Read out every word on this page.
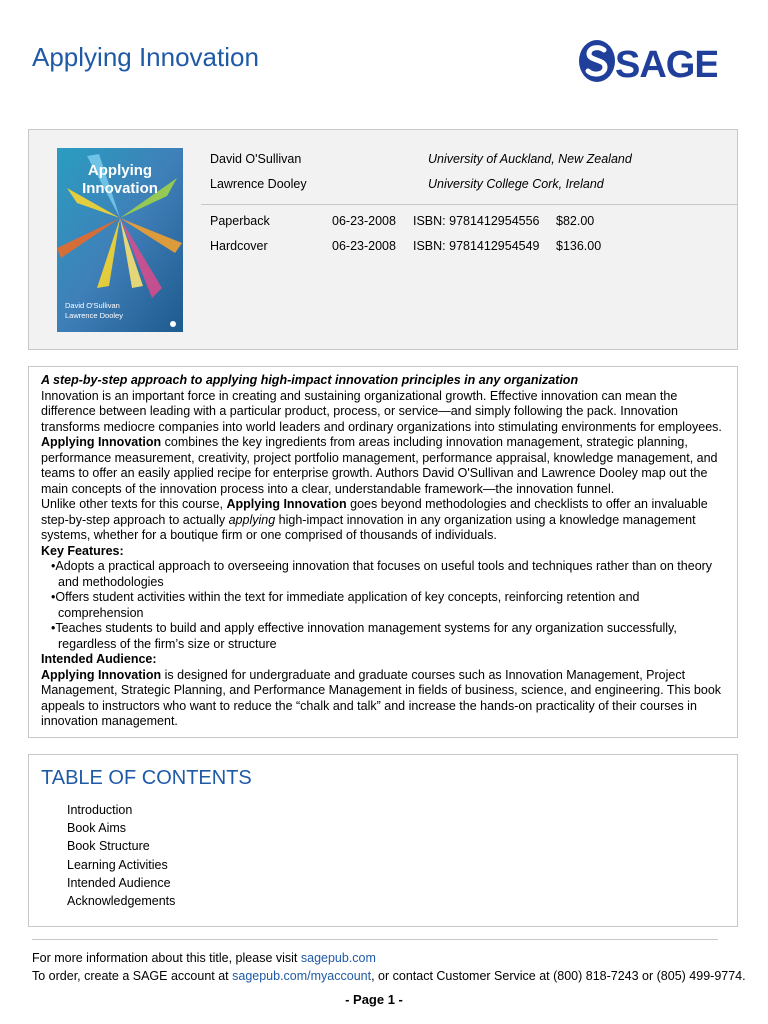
Applying Innovation	SAGE
Applying
Innovation
David O'Sullivan
Lawrence Dooley
David O'Sullivan	University of Auckland, New Zealand
Lawrence Dooley	University College Cork, Ireland
Paperback	06-23-2008 ISBN: 9781412954556 $82.00
Hardcover	06-23-2008 ISBN: 9781412954549 $136.00

A step-by-step approach to applying high-impact innovation principles in any organization

Innovation is an important force in creating and sustaining organizational growth. Effective innovation can mean the difference between leading with a particular product, process, or service—and simply following the pack. Innovation transforms mediocre companies into world leaders and ordinary organizations into stimulating environments for employees.

Applying Innovation combines the key ingredients from areas including innovation management, strategic planning, performance measurement, creativity, project portfolio management, performance appraisal, knowledge management, and teams to offer an easily applied recipe for enterprise growth. Authors David O'Sullivan and Lawrence Dooley map out the main concepts of the innovation process into a clear, understandable framework—the innovation funnel.

Unlike other texts for this course, Applying Innovation goes beyond methodologies and checklists to offer an invaluable step-by-step approach to actually applying high-impact innovation in any organization using a knowledge management systems, whether for a boutique firm or one comprised of thousands of individuals.

Key Features:

•Adopts a practical approach to overseeing innovation that focuses on useful tools and techniques rather than on theory and methodologies

•Offers student activities within the text for immediate application of key concepts, reinforcing retention and comprehension

•Teaches students to build and apply effective innovation management systems for any organization successfully, regardless of the firm’s size or structure

Intended Audience:

Applying Innovation is designed for undergraduate and graduate courses such as Innovation Management, Project Management, Strategic Planning, and Performance Management in fields of business, science, and engineering. This book appeals to instructors who want to reduce the “chalk and talk” and increase the hands-on practicality of their courses in innovation management.

TABLE OF CONTENTS
Introduction
Book Aims
Book Structure
Learning Activities
Intended Audience
Acknowledgements
For more information about this title, please visit sagepub.com
To order, create a SAGE account at sagepub.com/myaccount, or contact Customer Service at (800) 818-7243 or (805) 499-9774.
- Page 1 -
